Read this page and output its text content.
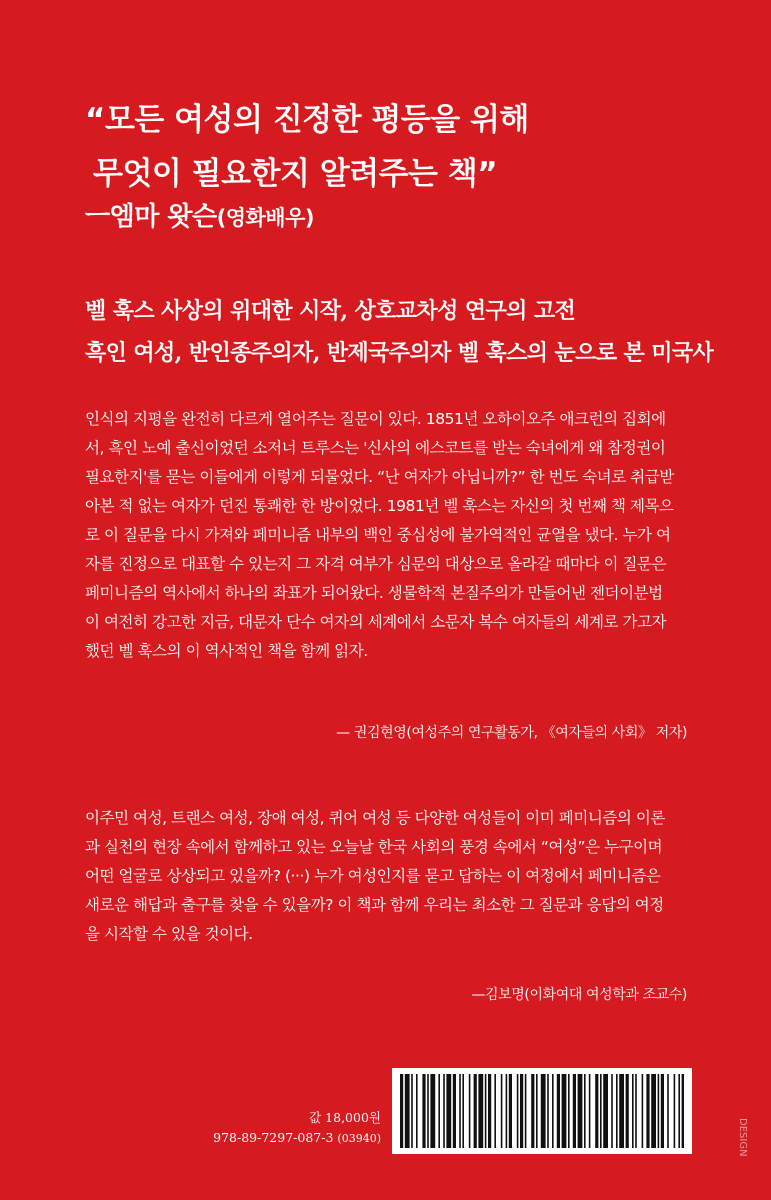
“모든 여성의 진정한 평등을 위해
무엇이 필요한지 알려주는 책”
ㅡ엠마 왓슨(영화배우)
벨 훅스 사상의 위대한 시작, 상호교차성 연구의 고전
흑인 여성, 반인종주의자, 반제국주의자 벨 훅스의 눈으로 본 미국사
인식의 지평을 완전히 다르게 열어주는 질문이 있다. 1851년 오하이오주 애크런의 집회에
서, 흑인 노예 출신이었던 소저너 트루스는 '신사의 에스코트를 받는 숙녀에게 왜 참정권이
필요한지'를 묻는 이들에게 이렇게 되물었다. “난 여자가 아닙니까?” 한 번도 숙녀로 취급받
아본 적 없는 여자가 던진 통쾌한 한 방이었다. 1981년 벨 훅스는 자신의 첫 번째 책 제목으
로 이 질문을 다시 가져와 페미니즘 내부의 백인 중심성에 불가역적인 균열을 냈다. 누가 여
자를 진정으로 대표할 수 있는지 그 자격 여부가 심문의 대상으로 올라갈 때마다 이 질문은
페미니즘의 역사에서 하나의 좌표가 되어왔다. 생물학적 본질주의가 만들어낸 젠더이분법
이 여전히 강고한 지금, 대문자 단수 여자의 세계에서 소문자 복수 여자들의 세계로 가고자
했던 벨 훅스의 이 역사적인 책을 함께 읽자.
— 권김현영(여성주의 연구활동가, 《여자들의 사회》 저자)
이주민 여성, 트랜스 여성, 장애 여성, 퀴어 여성 등 다양한 여성들이 이미 페미니즘의 이론
과 실천의 현장 속에서 함께하고 있는 오늘날 한국 사회의 풍경 속에서 “여성”은 누구이며
어떤 얼굴로 상상되고 있을까? (···) 누가 여성인지를 묻고 답하는 이 여정에서 페미니즘은
새로운 해답과 출구를 찾을 수 있을까? 이 책과 함께 우리는 최소한 그 질문과 응답의 여정
을 시작할 수 있을 것이다.
—김보명(이화여대 여성학과 조교수)
값 18,000원
978-89-7297-087-3 (03940)	DESIGN
